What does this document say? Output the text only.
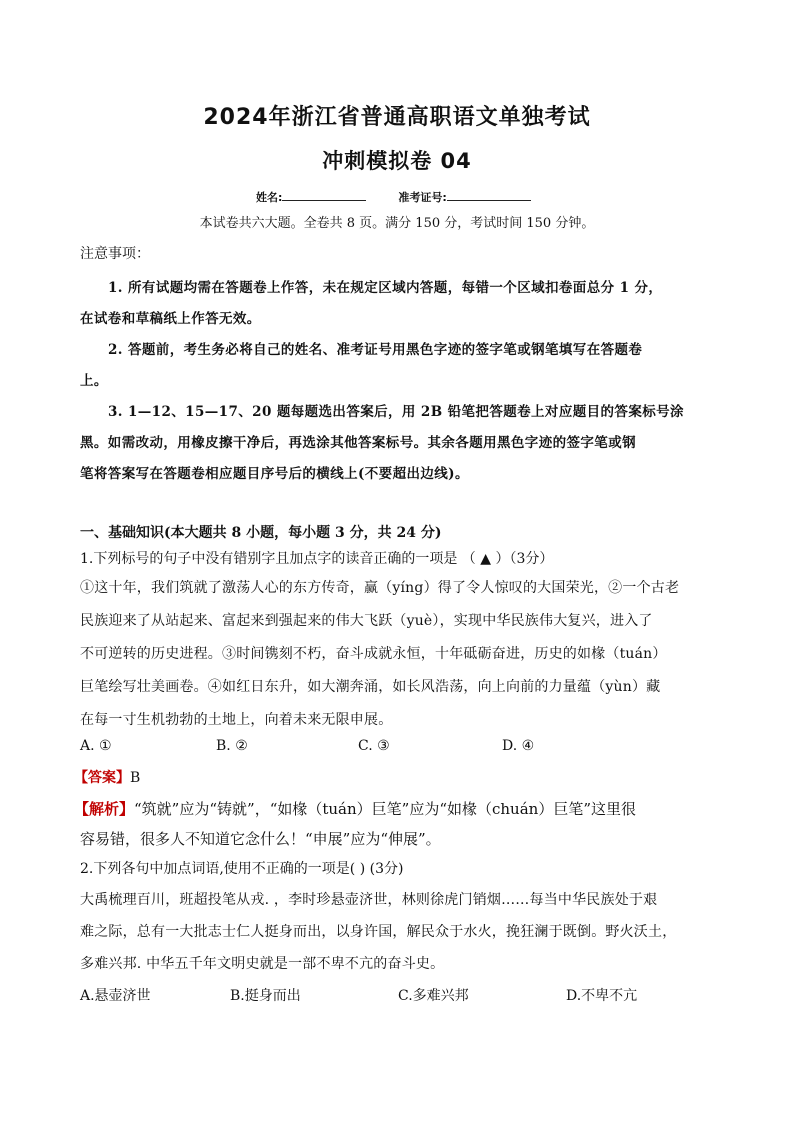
2024年浙江省普通高职语文单独考试
冲刺模拟卷 04
姓名:	准考证号:
本试卷共六大题。全卷共 8 页。满分 150 分，考试时间 150 分钟。
注意事项：
1. 所有试题均需在答题卷上作答，未在规定区域内答题，每错一个区域扣卷面总分 1 分，
在试卷和草稿纸上作答无效。
2. 答题前，考生务必将自己的姓名、准考证号用黑色字迹的签字笔或钢笔填写在答题卷
上。
3. 1—12、15—17、20 题每题选出答案后，用 2B 铅笔把答题卷上对应题目的答案标号涂
黑。如需改动，用橡皮擦干净后，再选涂其他答案标号。其余各题用黑色字迹的签字笔或钢
笔将答案写在答题卷相应题目序号后的横线上(不要超出边线)。
一、基础知识(本大题共 8 小题，每小题 3 分，共 24 分)
1.下列标号的句子中没有错别字且加点字的读音正确的一项是 （ ▲ ）（3分）
①这十年，我们筑就了激荡人心的东方传奇，赢（yíng）得了令人惊叹的大国荣光，②一个古老
民族迎来了从站起来、富起来到强起来的伟大飞跃（yuè），实现中华民族伟大复兴，进入了
不可逆转的历史进程。③时间镌刻不朽，奋斗成就永恒，十年砥砺奋进，历史的如椽（tuán）
巨笔绘写壮美画卷。④如红日东升，如大潮奔涌，如长风浩荡，向上向前的力量蕴（yùn）藏
在每一寸生机勃勃的土地上，向着未来无限申展。
A. ①	B. ②	C. ③	D. ④
【答案】B
【解析】“筑就”应为“铸就”，“如椽（tuán）巨笔”应为“如椽（chuán）巨笔”这里很
容易错，很多人不知道它念什么！“申展”应为“伸展”。
2.下列各句中加点词语,使用不正确的一项是( ) (3分)
大禹梳理百川，班超投笔从戎. ，李时珍悬壶济世，林则徐虎门销烟……每当中华民族处于艰
难之际，总有一大批志士仁人挺身而出，以身许国，解民众于水火，挽狂澜于既倒。野火沃土，
多难兴邦. 中华五千年文明史就是一部不卑不亢的奋斗史。
A.悬壶济世	B.挺身而出	C.多难兴邦	D.不卑不亢
